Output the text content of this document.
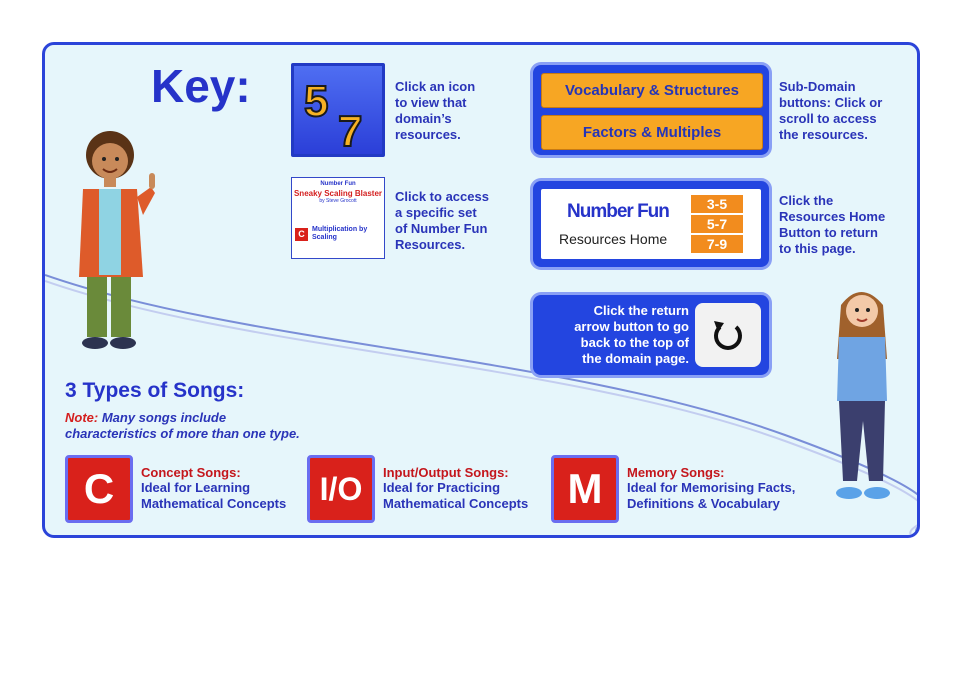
Key: 5
7
Click an icon
to view that
domain’s
resources.
Number Fun
Sneaky Scaling Blaster
by Steve Grocott
C	Multiplication by Scaling
Click to access
a specific set
of Number Fun
Resources.
Vocabulary & Structures
Factors & Multiples
Sub-Domain
buttons: Click or
scroll to access
the resources.
Number Fun
Resources Home
3-5
5-7
7-9
Click the
Resources Home
Button to return
to this page.
Click the return
arrow button to go
back to the top of
the domain page.
3 Types of Songs:
Note: Many songs include
characteristics of more than one type.
C	Concept Songs:
Ideal for Learning
Mathematical Concepts	I/O	Input/Output Songs:
Ideal for Practicing
Mathematical Concepts M	Memory Songs:
Ideal for Memorising Facts,
Definitions & Vocabulary
